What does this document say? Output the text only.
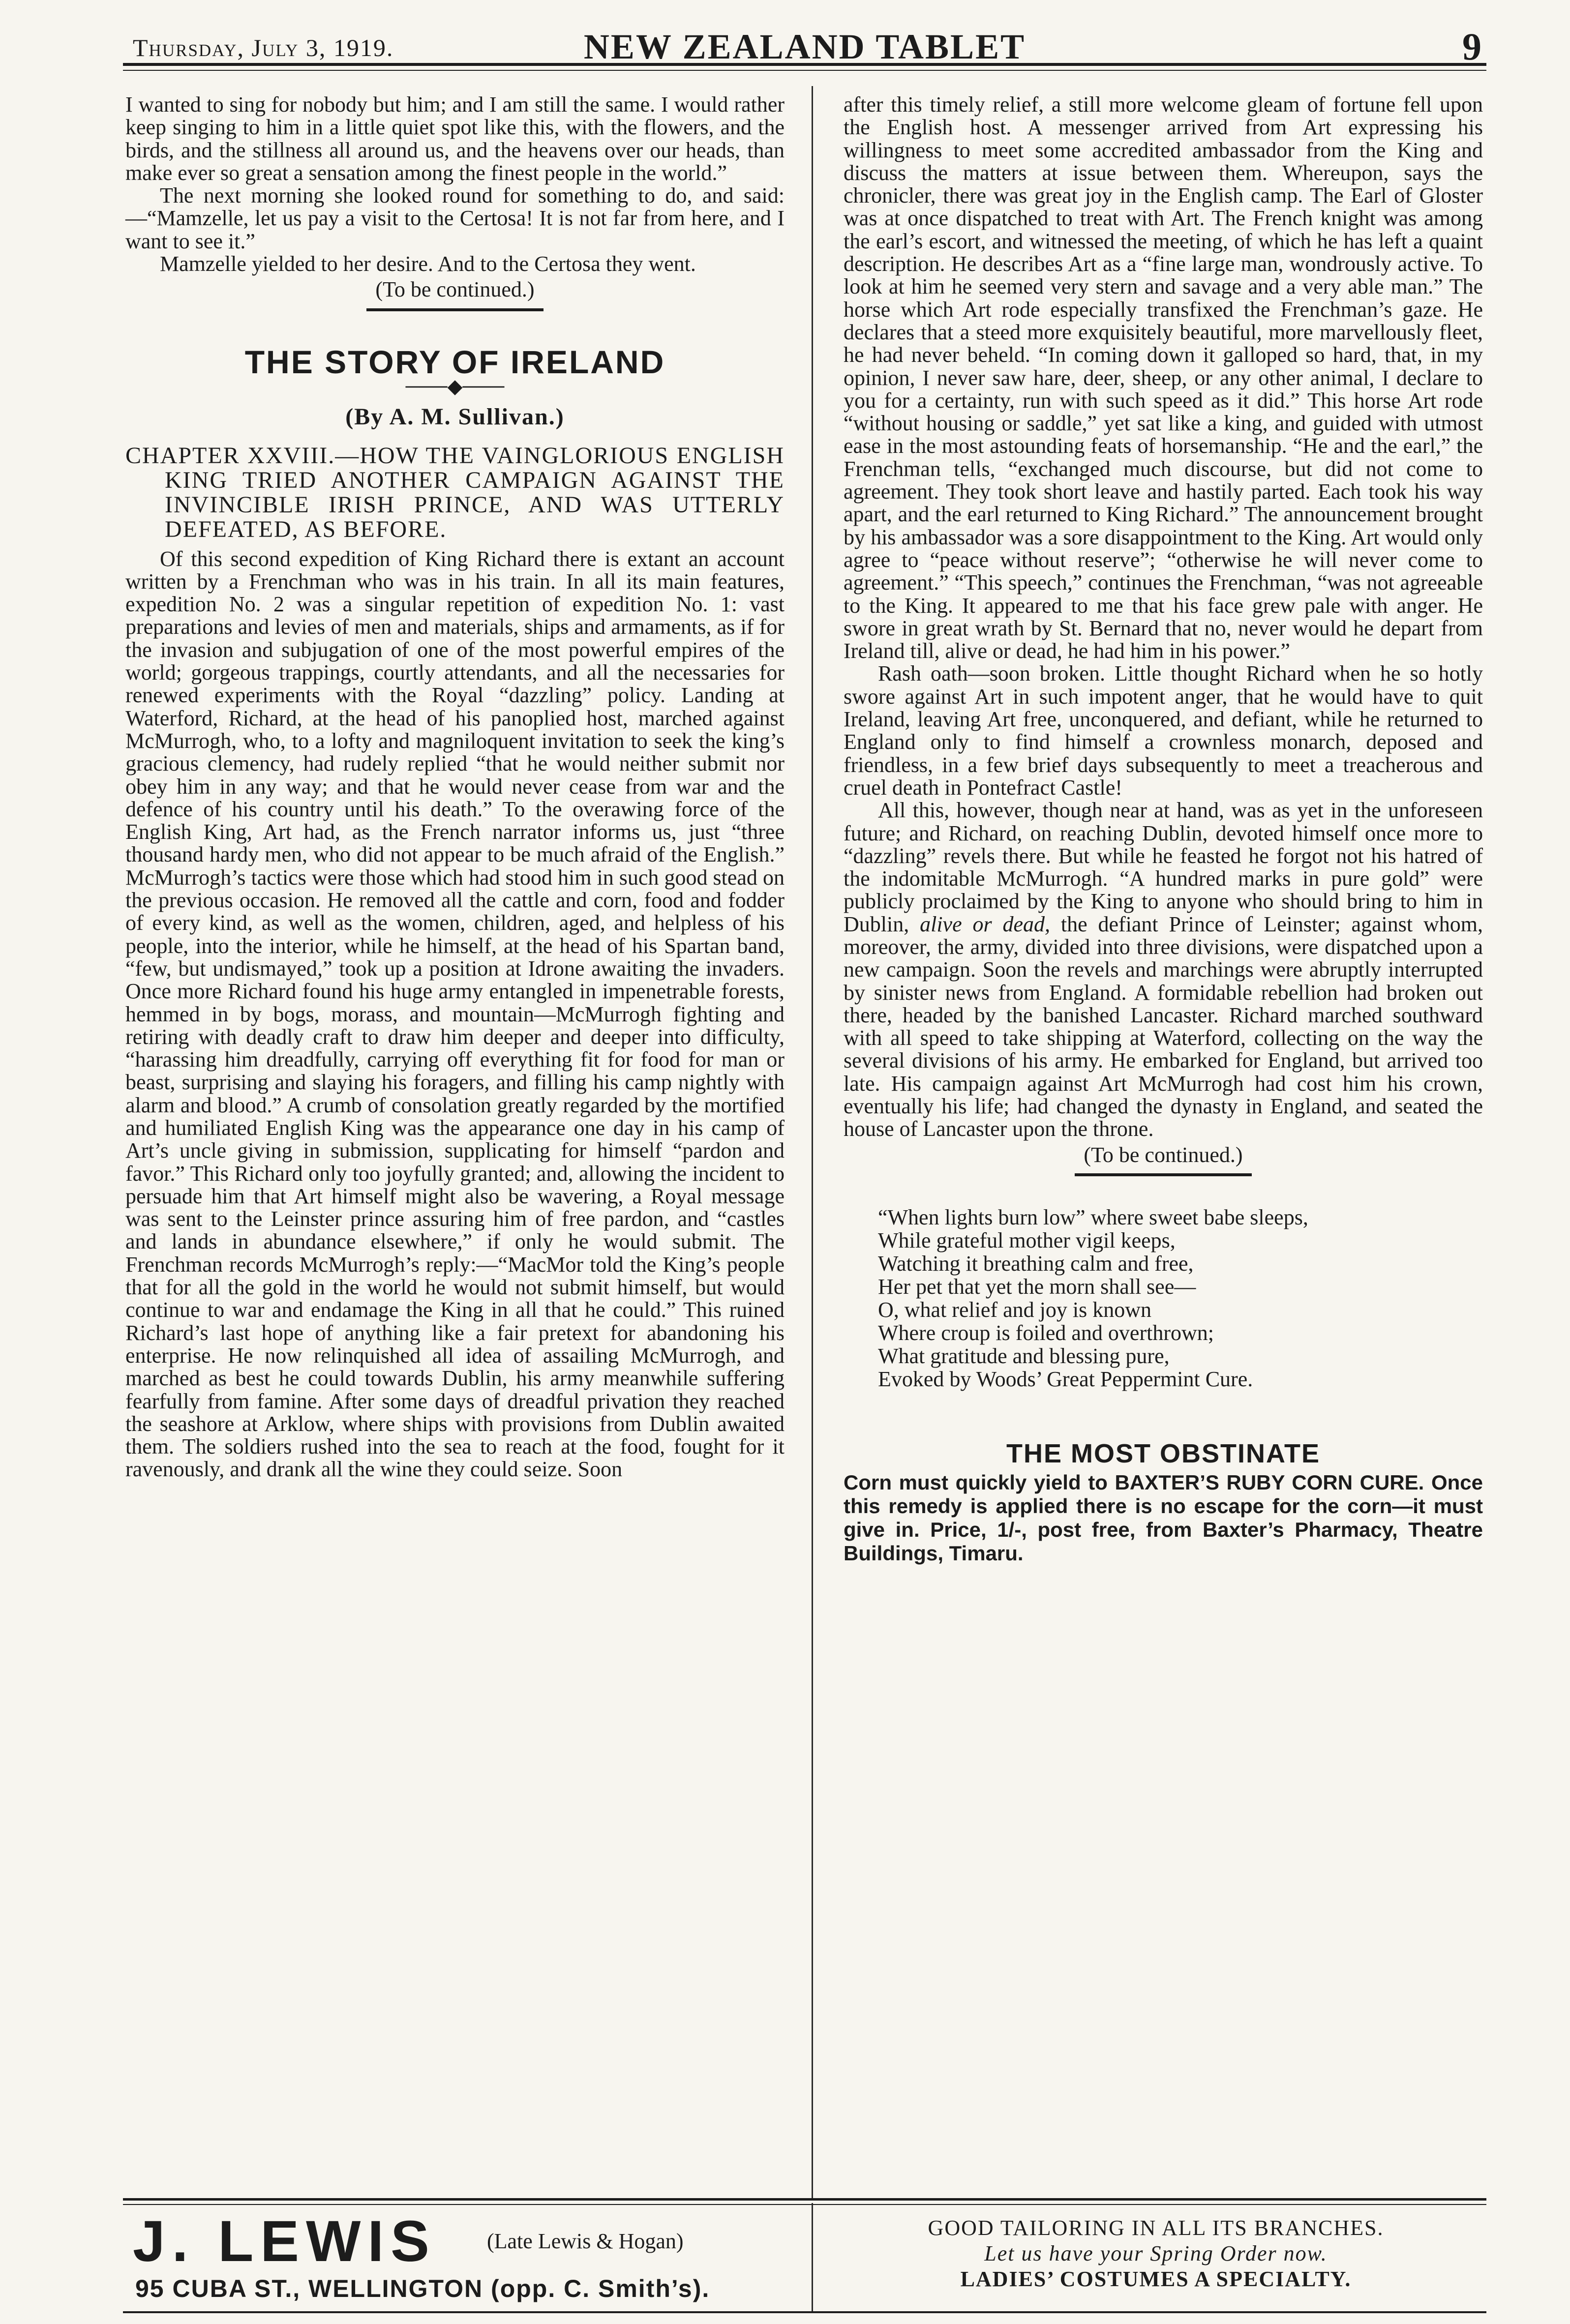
Thursday, July 3, 1919.	NEW ZEALAND TABLET	9

I wanted to sing for nobody but him; and I am still the same. I would rather keep singing to him in a little quiet spot like this, with the flowers, and the birds, and the stillness all around us, and the heavens over our heads, than make ever so great a sensation among the finest people in the world.”

The next morning she looked round for something to do, and said:—“Mamzelle, let us pay a visit to the Certosa! It is not far from here, and I want to see it.”

Mamzelle yielded to her desire. And to the Certosa they went.

(To be continued.)
THE STORY OF IRELAND
───◆───
(By A. M. Sullivan.)
CHAPTER XXVIII.—HOW THE VAINGLORIOUS ENGLISH KING TRIED ANOTHER CAMPAIGN AGAINST THE INVINCIBLE IRISH PRINCE, AND WAS UTTERLY DEFEATED, AS BEFORE.

Of this second expedition of King Richard there is extant an account written by a Frenchman who was in his train. In all its main features, expedition No. 2 was a singular repetition of expedition No. 1: vast preparations and levies of men and materials, ships and armaments, as if for the invasion and subjugation of one of the most powerful empires of the world; gorgeous trappings, courtly attendants, and all the necessaries for renewed experiments with the Royal “dazzling” policy. Landing at Waterford, Richard, at the head of his panoplied host, marched against McMurrogh, who, to a lofty and magniloquent invitation to seek the king’s gracious clemency, had rudely replied “that he would neither submit nor obey him in any way; and that he would never cease from war and the defence of his country until his death.” To the overawing force of the English King, Art had, as the French narrator informs us, just “three thousand hardy men, who did not appear to be much afraid of the English.” McMurrogh’s tactics were those which had stood him in such good stead on the previous occasion. He removed all the cattle and corn, food and fodder of every kind, as well as the women, children, aged, and helpless of his people, into the interior, while he himself, at the head of his Spartan band, “few, but undismayed,” took up a position at Idrone awaiting the invaders. Once more Richard found his huge army entangled in impenetrable forests, hemmed in by bogs, morass, and mountain—McMurrogh fighting and retiring with deadly craft to draw him deeper and deeper into difficulty, “harassing him dreadfully, carrying off everything fit for food for man or beast, surprising and slaying his foragers, and filling his camp nightly with alarm and blood.” A crumb of consolation greatly regarded by the mortified and humiliated English King was the appearance one day in his camp of Art’s uncle giving in submission, supplicating for himself “pardon and favor.” This Richard only too joyfully granted; and, allowing the incident to persuade him that Art himself might also be wavering, a Royal message was sent to the Leinster prince assuring him of free pardon, and “castles and lands in abundance elsewhere,” if only he would submit. The Frenchman records McMurrogh’s reply:—“MacMor told the King’s people that for all the gold in the world he would not submit himself, but would continue to war and endamage the King in all that he could.” This ruined Richard’s last hope of anything like a fair pretext for abandoning his enterprise. He now relinquished all idea of assailing McMurrogh, and marched as best he could towards Dublin, his army meanwhile suffering fearfully from famine. After some days of dreadful privation they reached the seashore at Arklow, where ships with provisions from Dublin awaited them. The soldiers rushed into the sea to reach at the food, fought for it ravenously, and drank all the wine they could seize. Soon

after this timely relief, a still more welcome gleam of fortune fell upon the English host. A messenger arrived from Art expressing his willingness to meet some accredited ambassador from the King and discuss the matters at issue between them. Whereupon, says the chronicler, there was great joy in the English camp. The Earl of Gloster was at once dispatched to treat with Art. The French knight was among the earl’s escort, and witnessed the meeting, of which he has left a quaint description. He describes Art as a “fine large man, wondrously active. To look at him he seemed very stern and savage and a very able man.” The horse which Art rode especially transfixed the Frenchman’s gaze. He declares that a steed more exquisitely beautiful, more marvellously fleet, he had never beheld. “In coming down it galloped so hard, that, in my opinion, I never saw hare, deer, sheep, or any other animal, I declare to you for a certainty, run with such speed as it did.” This horse Art rode “without housing or saddle,” yet sat like a king, and guided with utmost ease in the most astounding feats of horsemanship. “He and the earl,” the Frenchman tells, “exchanged much discourse, but did not come to agreement. They took short leave and hastily parted. Each took his way apart, and the earl returned to King Richard.” The announcement brought by his ambassador was a sore disappointment to the King. Art would only agree to “peace without reserve”; “otherwise he will never come to agreement.” “This speech,” continues the Frenchman, “was not agreeable to the King. It appeared to me that his face grew pale with anger. He swore in great wrath by St. Bernard that no, never would he depart from Ireland till, alive or dead, he had him in his power.”

Rash oath—soon broken. Little thought Richard when he so hotly swore against Art in such impotent anger, that he would have to quit Ireland, leaving Art free, unconquered, and defiant, while he returned to England only to find himself a crownless monarch, deposed and friendless, in a few brief days subsequently to meet a treacherous and cruel death in Pontefract Castle!

All this, however, though near at hand, was as yet in the unforeseen future; and Richard, on reaching Dublin, devoted himself once more to “dazzling” revels there. But while he feasted he forgot not his hatred of the indomitable McMurrogh. “A hundred marks in pure gold” were publicly proclaimed by the King to anyone who should bring to him in Dublin, alive or dead, the defiant Prince of Leinster; against whom, moreover, the army, divided into three divisions, were dispatched upon a new campaign. Soon the revels and marchings were abruptly interrupted by sinister news from England. A formidable rebellion had broken out there, headed by the banished Lancaster. Richard marched southward with all speed to take shipping at Waterford, collecting on the way the several divisions of his army. He embarked for England, but arrived too late. His campaign against Art McMurrogh had cost him his crown, eventually his life; had changed the dynasty in England, and seated the house of Lancaster upon the throne.

(To be continued.)
“When lights burn low” where sweet babe sleeps,
While grateful mother vigil keeps,
Watching it breathing calm and free,
Her pet that yet the morn shall see—
O, what relief and joy is known
Where croup is foiled and overthrown;
What gratitude and blessing pure,
Evoked by Woods’ Great Peppermint Cure.
THE MOST OBSTINATE
Corn must quickly yield to BAXTER’S RUBY CORN CURE. Once this remedy is applied there is no escape for the corn—it must give in. Price, 1/-, post free, from Baxter’s Pharmacy, Theatre Buildings, Timaru.
J. LEWIS (Late Lewis & Hogan)
95 CUBA ST., WELLINGTON (opp. C. Smith’s).
GOOD TAILORING IN ALL ITS BRANCHES.
Let us have your Spring Order now.
LADIES’ COSTUMES A SPECIALTY.
